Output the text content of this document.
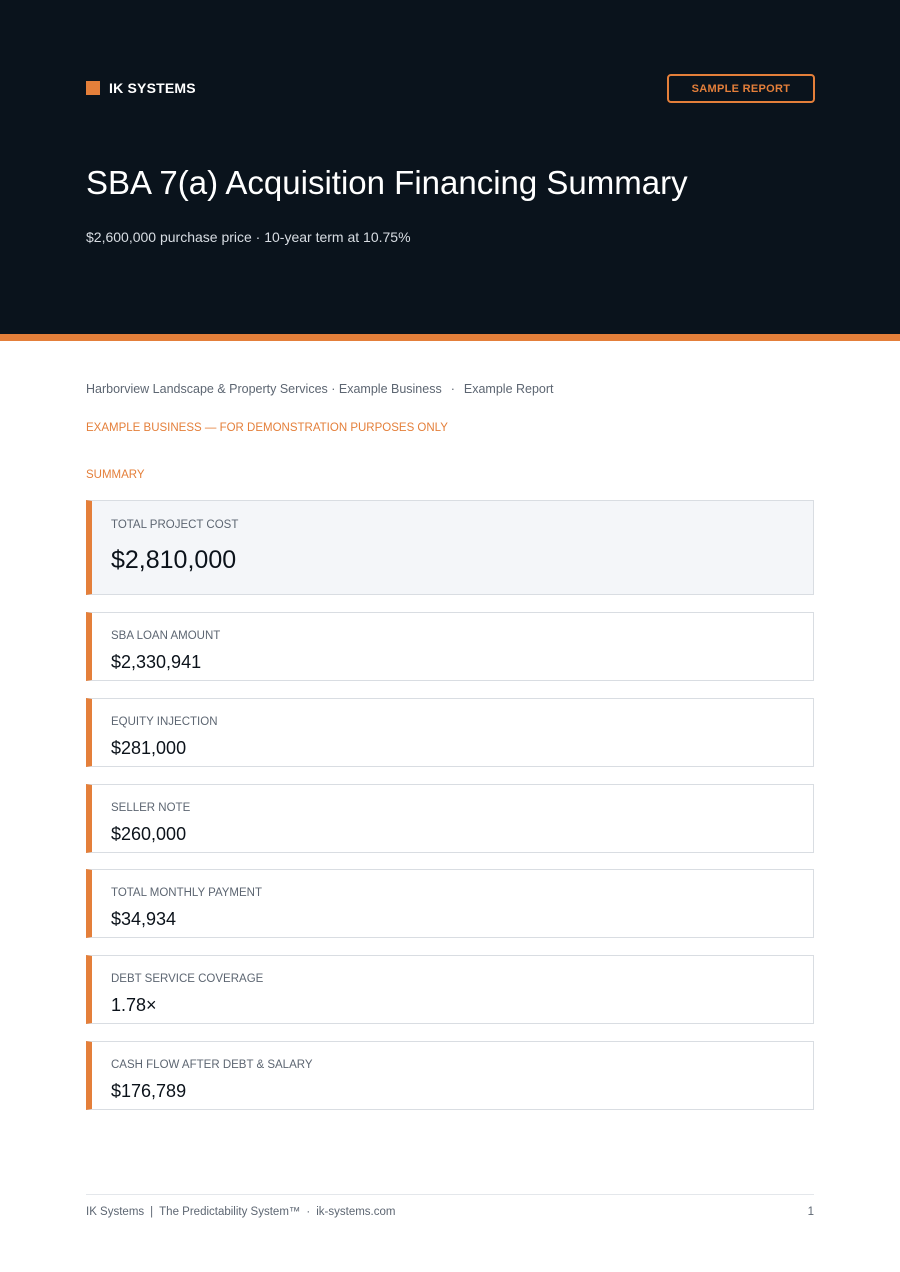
IK SYSTEMS	SAMPLE REPORT
SBA 7(a) Acquisition Financing Summary
$2,600,000 purchase price · 10-year term at 10.75%
Harborview Landscape & Property Services · Example Business · Example Report
EXAMPLE BUSINESS — FOR DEMONSTRATION PURPOSES ONLY
SUMMARY
TOTAL PROJECT COST
$2,810,000
SBA LOAN AMOUNT
$2,330,941
EQUITY INJECTION
$281,000
SELLER NOTE
$260,000
TOTAL MONTHLY PAYMENT
$34,934
DEBT SERVICE COVERAGE
1.78×
CASH FLOW AFTER DEBT & SALARY
$176,789
IK Systems | The Predictability System™ · ik-systems.com	1
